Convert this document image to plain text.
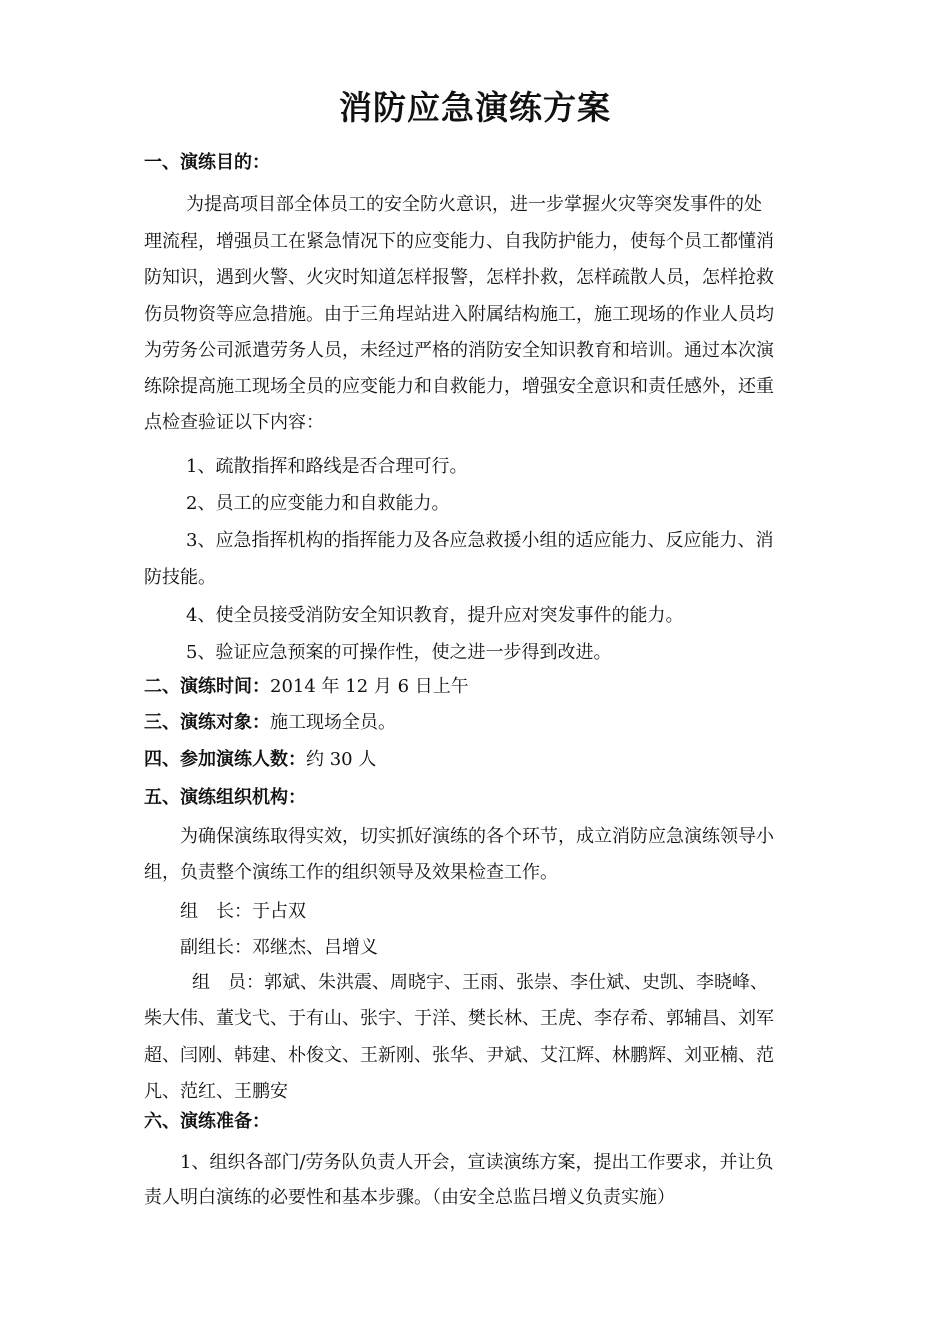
消防应急演练方案
一、演练目的：
为提高项目部全体员工的安全防火意识，进一步掌握火灾等突发事件的处
理流程，增强员工在紧急情况下的应变能力、自我防护能力，使每个员工都懂消
防知识，遇到火警、火灾时知道怎样报警，怎样扑救，怎样疏散人员，怎样抢救
伤员物资等应急措施。由于三角埕站进入附属结构施工，施工现场的作业人员均
为劳务公司派遣劳务人员，未经过严格的消防安全知识教育和培训。通过本次演
练除提高施工现场全员的应变能力和自救能力，增强安全意识和责任感外，还重
点检查验证以下内容：
1、疏散指挥和路线是否合理可行。
2、员工的应变能力和自救能力。
3、应急指挥机构的指挥能力及各应急救援小组的适应能力、反应能力、消
防技能。
4、使全员接受消防安全知识教育，提升应对突发事件的能力。
5、验证应急预案的可操作性，使之进一步得到改进。
二、演练时间：2014 年 12 月 6 日上午
三、演练对象：施工现场全员。
四、参加演练人数：约 30 人
五、演练组织机构：
为确保演练取得实效，切实抓好演练的各个环节，成立消防应急演练领导小
组，负责整个演练工作的组织领导及效果检查工作。
组　长：于占双
副组长：邓继杰、吕增义
组　员：郭斌、朱洪震、周晓宇、王雨、张崇、李仕斌、史凯、李晓峰、
柴大伟、董戈弋、于有山、张宇、于洋、樊长林、王虎、李存希、郭辅昌、刘军
超、闫刚、韩建、朴俊文、王新刚、张华、尹斌、艾江辉、林鹏辉、刘亚楠、范
凡、范红、王鹏安
六、演练准备：
1、组织各部门/劳务队负责人开会，宣读演练方案，提出工作要求，并让负
责人明白演练的必要性和基本步骤。（由安全总监吕增义负责实施）
